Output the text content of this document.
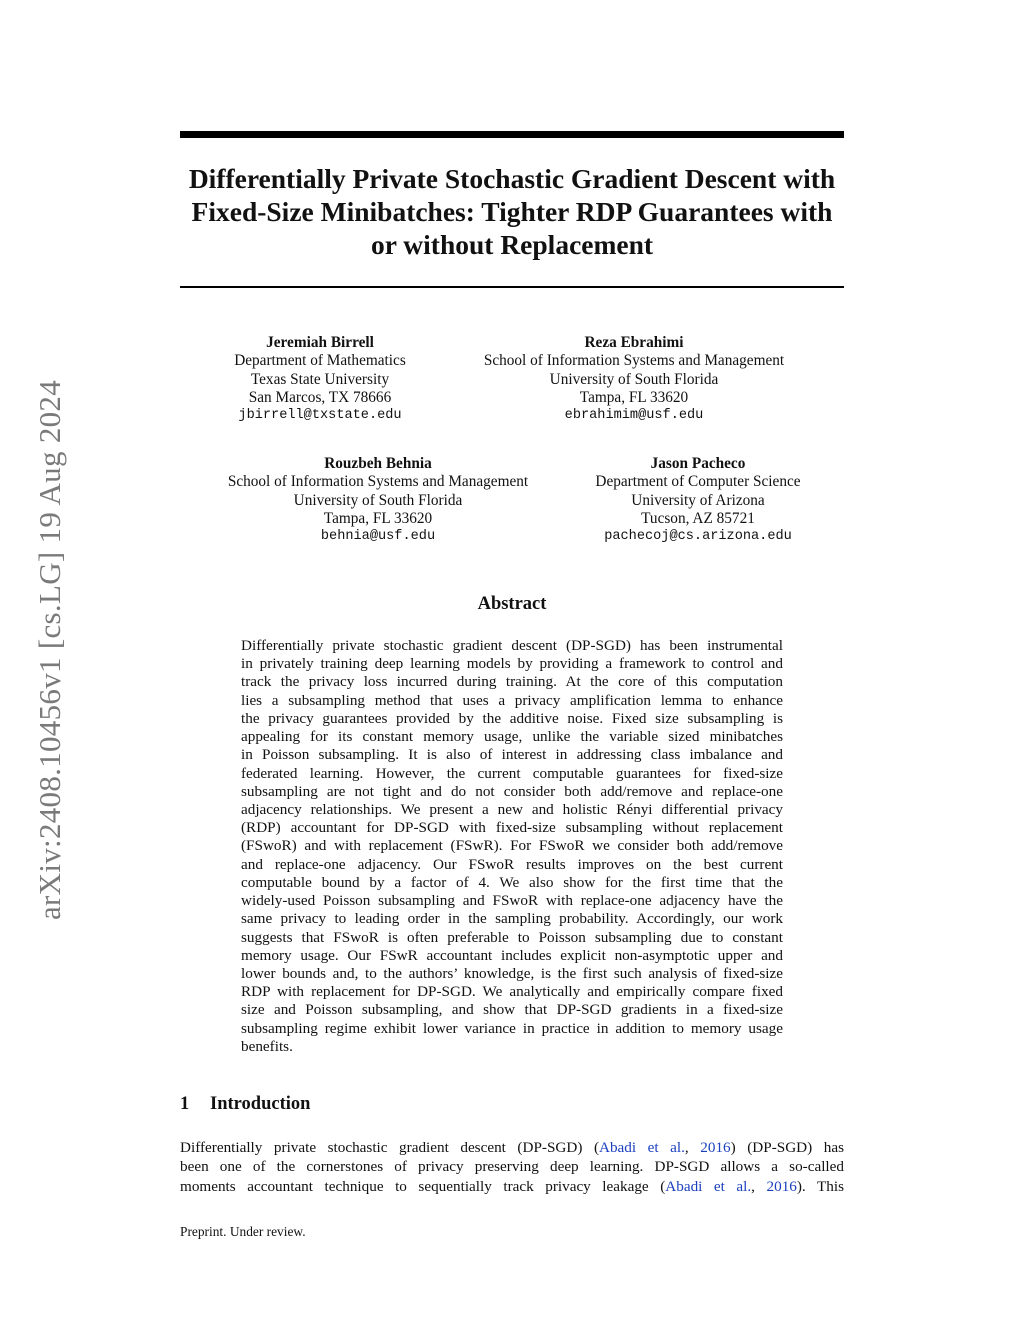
arXiv:2408.10456v1 [cs.LG] 19 Aug 2024
Differentially Private Stochastic Gradient Descent with
Fixed-Size Minibatches: Tighter RDP Guarantees with
or without Replacement
Jeremiah Birrell
Department of Mathematics
Texas State University
San Marcos, TX 78666
jbirrell@txstate.edu
Reza Ebrahimi
School of Information Systems and Management
University of South Florida
Tampa, FL 33620
ebrahimim@usf.edu
Rouzbeh Behnia
School of Information Systems and Management
University of South Florida
Tampa, FL 33620
behnia@usf.edu
Jason Pacheco
Department of Computer Science
University of Arizona
Tucson, AZ 85721
pachecoj@cs.arizona.edu
Abstract
Differentially private stochastic gradient descent (DP-SGD) has been instrumental
in privately training deep learning models by providing a framework to control and
track the privacy loss incurred during training. At the core of this computation
lies a subsampling method that uses a privacy amplification lemma to enhance
the privacy guarantees provided by the additive noise. Fixed size subsampling is
appealing for its constant memory usage, unlike the variable sized minibatches
in Poisson subsampling. It is also of interest in addressing class imbalance and
federated learning. However, the current computable guarantees for fixed-size
subsampling are not tight and do not consider both add/remove and replace-one
adjacency relationships. We present a new and holistic Rényi differential privacy
(RDP) accountant for DP-SGD with fixed-size subsampling without replacement
(FSwoR) and with replacement (FSwR). For FSwoR we consider both add/remove
and replace-one adjacency. Our FSwoR results improves on the best current
computable bound by a factor of 4. We also show for the first time that the
widely-used Poisson subsampling and FSwoR with replace-one adjacency have the
same privacy to leading order in the sampling probability. Accordingly, our work
suggests that FSwoR is often preferable to Poisson subsampling due to constant
memory usage. Our FSwR accountant includes explicit non-asymptotic upper and
lower bounds and, to the authors’ knowledge, is the first such analysis of fixed-size
RDP with replacement for DP-SGD. We analytically and empirically compare fixed
size and Poisson subsampling, and show that DP-SGD gradients in a fixed-size
subsampling regime exhibit lower variance in practice in addition to memory usage
benefits.
1 Introduction
Differentially private stochastic gradient descent (DP-SGD) (Abadi et al., 2016) (DP-SGD) has
been one of the cornerstones of privacy preserving deep learning. DP-SGD allows a so-called
moments accountant technique to sequentially track privacy leakage (Abadi et al., 2016). This
Preprint. Under review.
